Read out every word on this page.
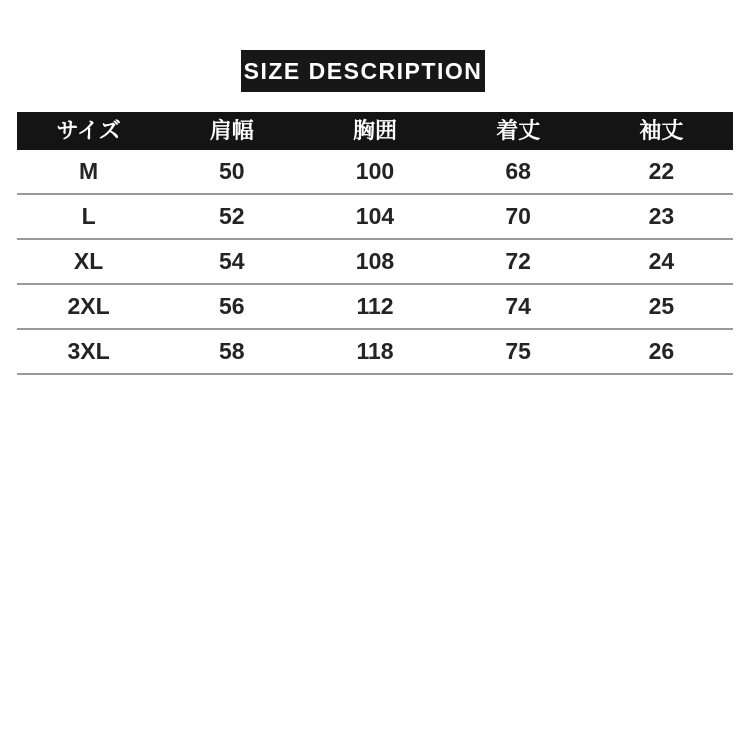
SIZE DESCRIPTION
サイズ	肩幅	胸囲	着丈	袖丈
M	50	100	68	22
L	52	104	70	23
XL	54	108	72	24
2XL	56	112	74	25
3XL	58	118	75	26
